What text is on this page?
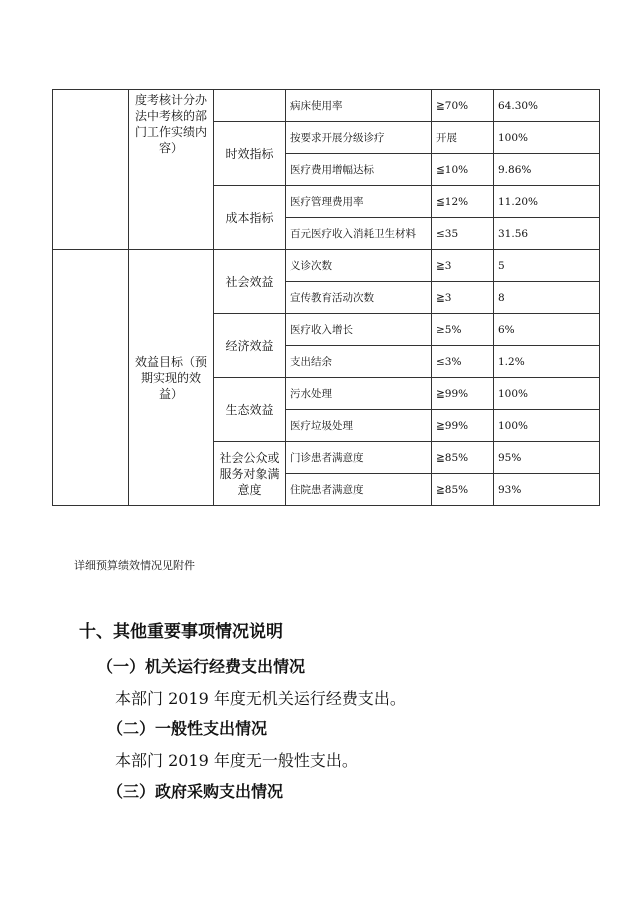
	度考核计分办法中考核的部门工作实绩内容）		病床使用率	≧70%	64.30%
		时效指标	按要求开展分级诊疗	开展	100%
			医疗费用增幅达标	≦10%	9.86%
		成本指标	医疗管理费用率	≦12%	11.20%
			百元医疗收入消耗卫生材料	≤35	31.56
	效益目标（预期实现的效益）	社会效益	义诊次数	≧3	5
			宣传教育活动次数	≧3	8
		经济效益	医疗收入增长	≥5%	6%
			支出结余	≤3%	1.2%
		生态效益	污水处理	≧99%	100%
			医疗垃圾处理	≧99%	100%
		社会公众或服务对象满意度	门诊患者满意度	≧85%	95%
			住院患者满意度	≧85%	93%
详细预算绩效情况见附件
十、其他重要事项情况说明
（一）机关运行经费支出情况
本部门 2019 年度无机关运行经费支出。
（二）一般性支出情况
本部门 2019 年度无一般性支出。
（三）政府采购支出情况
